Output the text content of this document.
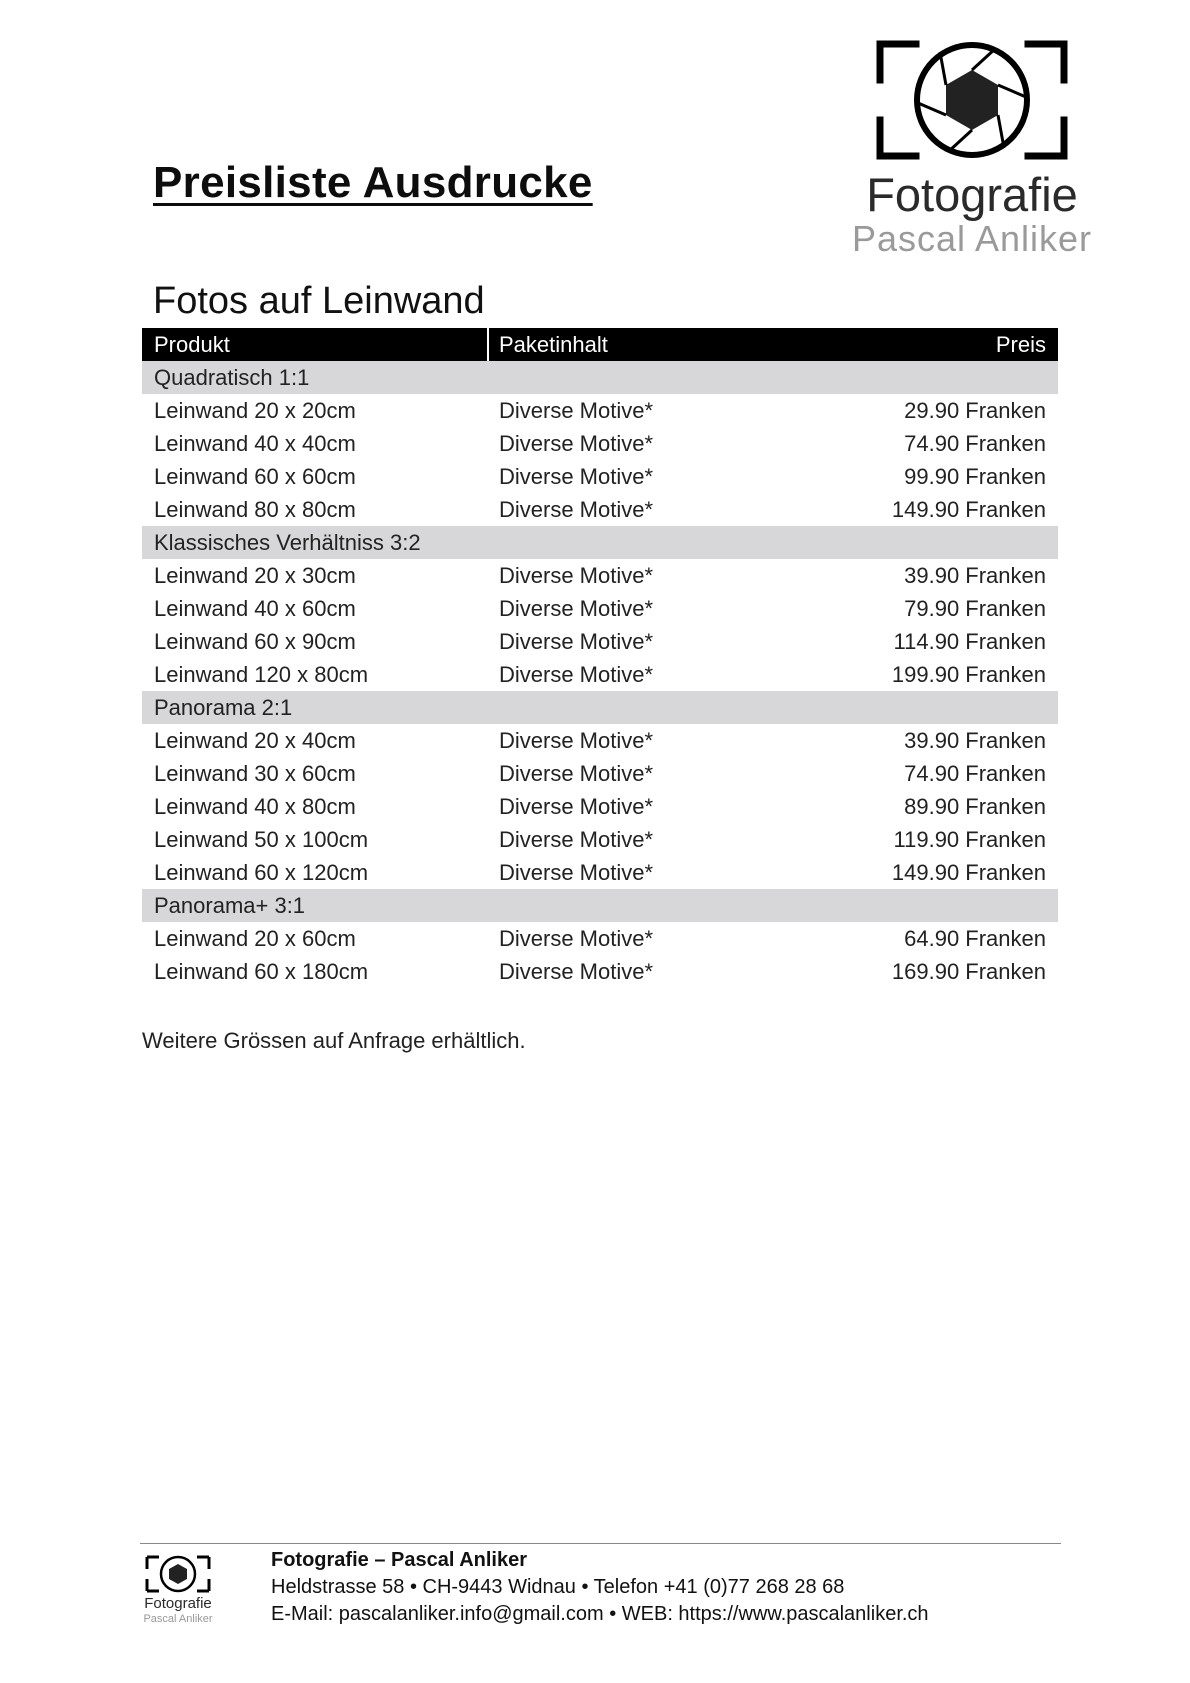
Preisliste Ausdrucke	Fotografie
Pascal Anliker
Fotos auf Leinwand
Produkt	Paketinhalt	Preis
Quadratisch 1:1
Leinwand 20 x 20cm	Diverse Motive*	29.90 Franken
Leinwand 40 x 40cm	Diverse Motive*	74.90 Franken
Leinwand 60 x 60cm	Diverse Motive*	99.90 Franken
Leinwand 80 x 80cm	Diverse Motive*	149.90 Franken
Klassisches Verhältniss 3:2
Leinwand 20 x 30cm	Diverse Motive*	39.90 Franken
Leinwand 40 x 60cm	Diverse Motive*	79.90 Franken
Leinwand 60 x 90cm	Diverse Motive*	114.90 Franken
Leinwand 120 x 80cm	Diverse Motive*	199.90 Franken
Panorama 2:1
Leinwand 20 x 40cm	Diverse Motive*	39.90 Franken
Leinwand 30 x 60cm	Diverse Motive*	74.90 Franken
Leinwand 40 x 80cm	Diverse Motive*	89.90 Franken
Leinwand 50 x 100cm	Diverse Motive*	119.90 Franken
Leinwand 60 x 120cm	Diverse Motive*	149.90 Franken
Panorama+ 3:1
Leinwand 20 x 60cm	Diverse Motive*	64.90 Franken
Leinwand 60 x 180cm	Diverse Motive*	169.90 Franken
Weitere Grössen auf Anfrage erhältlich.
Fotografie
Pascal Anliker
Fotografie – Pascal Anliker
Heldstrasse 58 • CH-9443 Widnau • Telefon +41 (0)77 268 28 68
E-Mail: pascalanliker.info@gmail.com • WEB: https://www.pascalanliker.ch
